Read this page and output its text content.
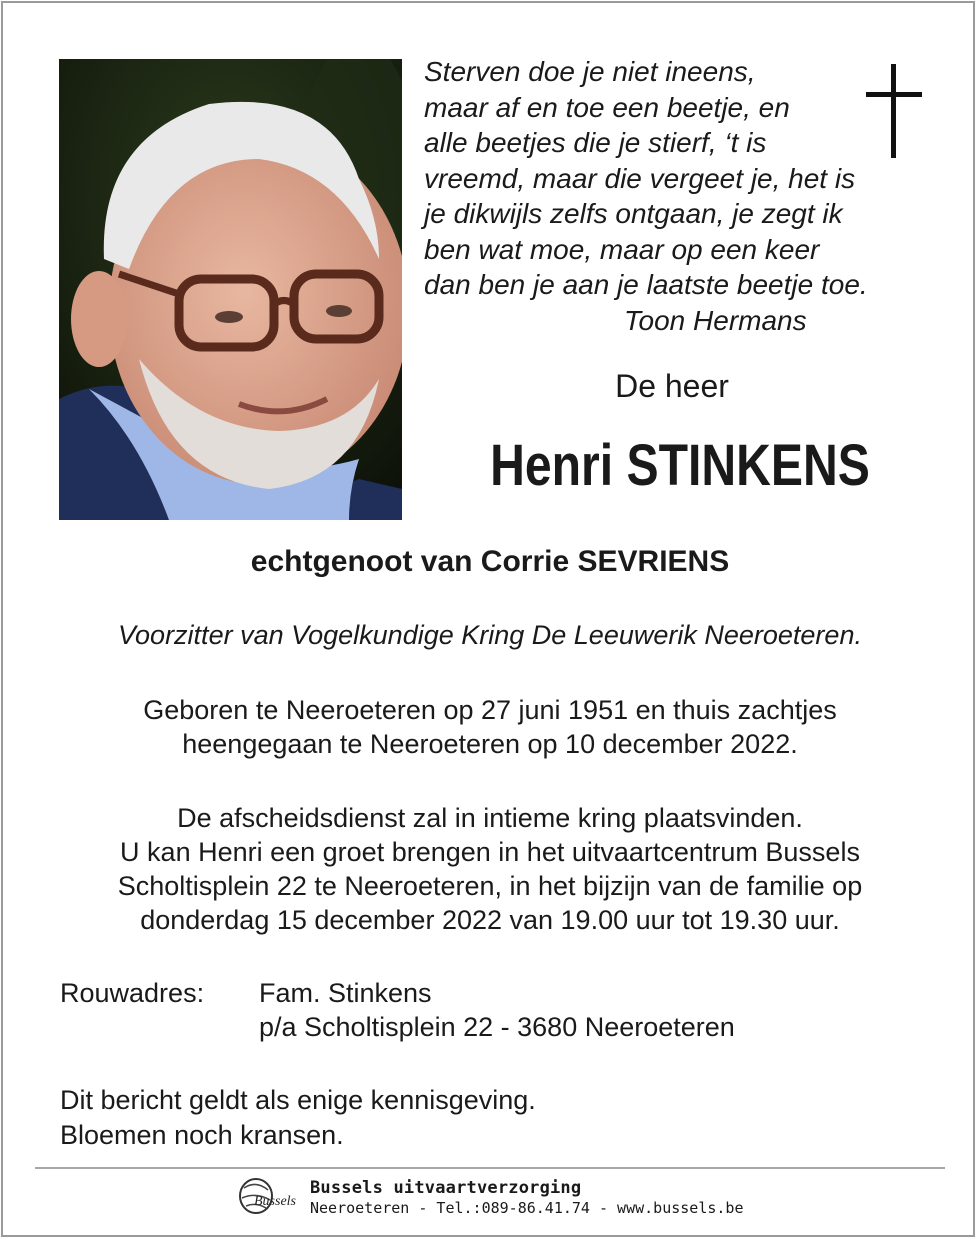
Sterven doe je niet ineens,
maar af en toe een beetje, en
alle beetjes die je stierf, ‘t is
vreemd, maar die vergeet je, het is
je dikwijls zelfs ontgaan, je zegt ik
ben wat moe, maar op een keer
dan ben je aan je laatste beetje toe.
Toon Hermans
De heer
Henri STINKENS
echtgenoot van Corrie SEVRIENS
Voorzitter van Vogelkundige Kring De Leeuwerik Neeroeteren.
Geboren te Neeroeteren op 27 juni 1951 en thuis zachtjes
heengegaan te Neeroeteren op 10 december 2022.
De afscheidsdienst zal in intieme kring plaatsvinden.
U kan Henri een groet brengen in het uitvaartcentrum Bussels
Scholtisplein 22 te Neeroeteren, in het bijzijn van de familie op
donderdag 15 december 2022 van 19.00 uur tot 19.30 uur.
Rouwadres: Fam. Stinkens
p/a Scholtisplein 22 - 3680 Neeroeteren
Dit bericht geldt als enige kennisgeving.
Bloemen noch kransen.
Bussels
Bussels uitvaartverzorging
Neeroeteren - Tel.:089-86.41.74 - www.bussels.be
